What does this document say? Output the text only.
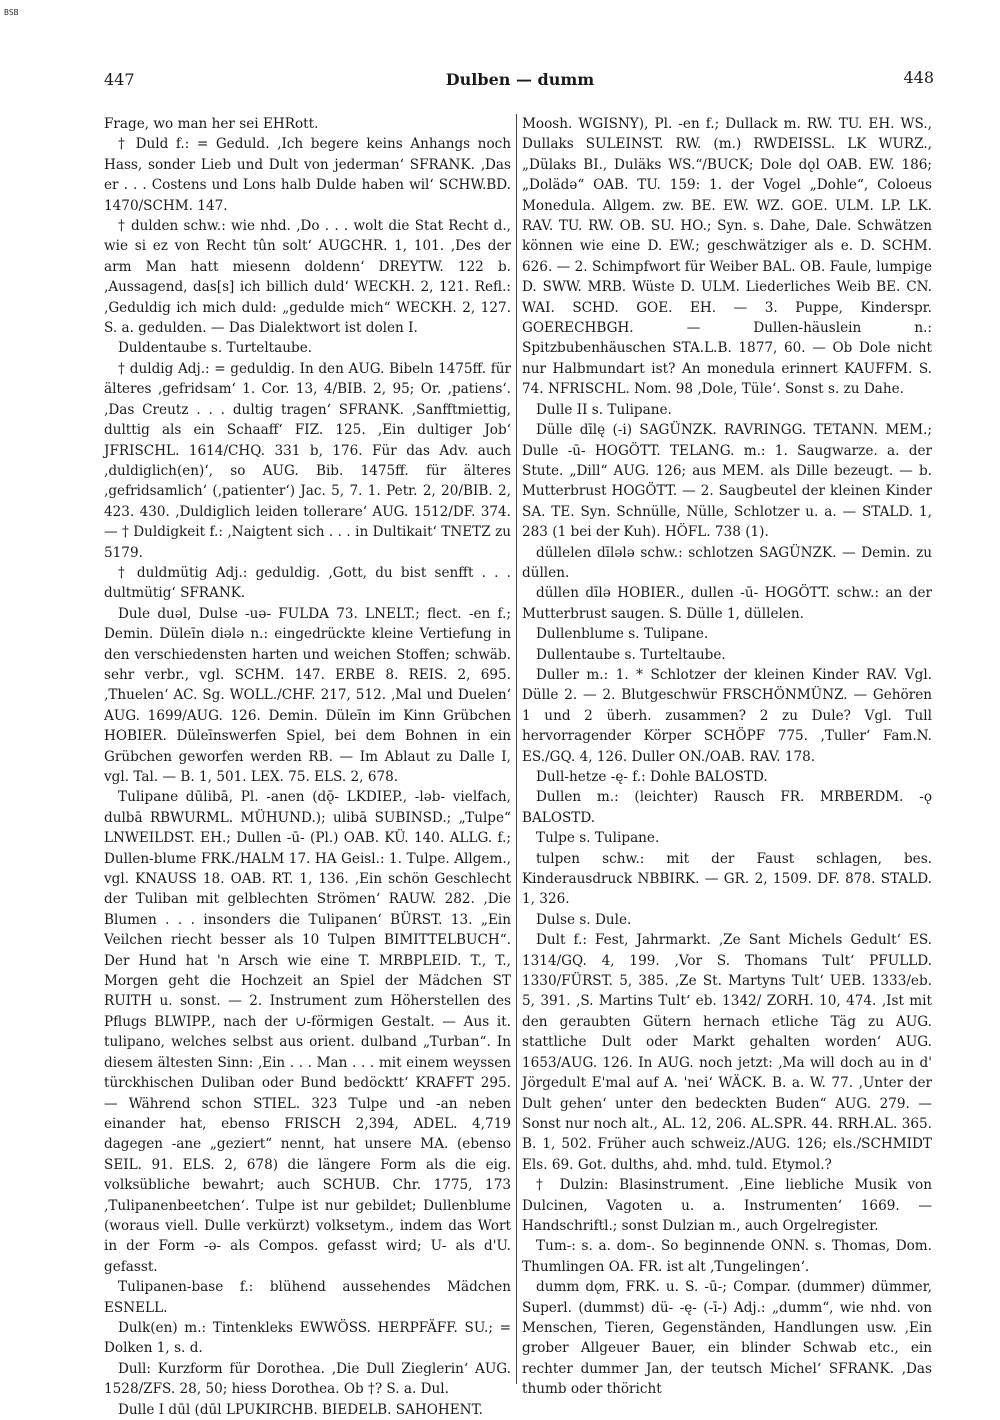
BSB
447	Dulben — dumm	448

Frage, wo man her sei EHRott.

† Duld f.: = Geduld. ‚Ich begere keins Anhangs noch Hass, sonder Lieb und Dult von jederman‘ SFRANK. ‚Das er . . . Costens und Lons halb Dulde haben wil‘ SCHW.BD. 1470/SCHM. 147.

† dulden schw.: wie nhd. ‚Do . . . wolt die Stat Recht d., wie si ez von Recht tûn solt‘ AUGCHR. 1, 101. ‚Des der arm Man hatt miesenn doldenn‘ DREYTW. 122 b. ‚Aussagend, das[s] ich billich duld‘ WECKH. 2, 121. Refl.: ‚Geduldig ich mich duld: „gedulde mich“ WECKH. 2, 127. S. a. gedulden. — Das Dialektwort ist dolen I.

Duldentaube s. Turteltaube.

† duldig Adj.: = geduldig. In den AUG. Bibeln 1475ff. für älteres ‚gefridsam‘ 1. Cor. 13, 4/BIB. 2, 95; Or. ‚patiens‘. ‚Das Creutz . . . dultig tragen‘ SFRANK. ‚Sanfftmiettig, dulttig als ein Schaaff‘ FIZ. 125. ‚Ein dultiger Job‘ JFRISCHL. 1614/CHQ. 331 b, 176. Für das Adv. auch ‚duldiglich(en)‘, so AUG. Bib. 1475ff. für älteres ‚gefridsamlich‘ (‚patienter‘) Jac. 5, 7. 1. Petr. 2, 20/BIB. 2, 423. 430. ‚Duldiglich leiden tollerare‘ AUG. 1512/DF. 374. — † Duldigkeit f.: ‚Naigtent sich . . . in Dultikait‘ TNETZ zu 5179.

† duldmütig Adj.: geduldig. ‚Gott, du bist senfft . . . dultmütig‘ SFRANK.

Dule duəl, Dulse -uə- FULDA 73. LNELT.; flect. -en f.; Demin. Düleīn diələ n.: eingedrückte kleine Vertiefung in den verschiedensten harten und weichen Stoffen; schwäb. sehr verbr., vgl. SCHM. 147. ERBE 8. REIS. 2, 695. ‚Thuelen‘ AC. Sg. WOLL./CHF. 217, 512. ‚Mal und Duelen‘ AUG. 1699/AUG. 126. Demin. Düleīn im Kinn Grübchen HOBIER. Düleīnswerfen Spiel, bei dem Bohnen in ein Grübchen geworfen werden RB. — Im Ablaut zu Dalle I, vgl. Tal. — B. 1, 501. LEX. 75. ELS. 2, 678.

Tulipane dūlibā, Pl. -anen (dǭ- LKDIEP., -ləb- vielfach, dulbā RBWURML. MÜHUND.); ulibā SUBINSD.; „Tulpe“ LNWEILDST. EH.; Dullen -ū- (Pl.) OAB. KÜ. 140. ALLG. f.; Dullen-blume FRK./HALM 17. HA Geisl.: 1. Tulpe. Allgem., vgl. KNAUSS 18. OAB. RT. 1, 136. ‚Ein schön Geschlecht der Tuliban mit gelblechten Strömen‘ RAUW. 282. ‚Die Blumen . . . insonders die Tulipanen‘ BÜRST. 13. „Ein Veilchen riecht besser als 10 Tulpen BIMITTELBUCH“. Der Hund hat 'n Arsch wie eine T. MRBPLEID. T., T., Morgen geht die Hochzeit an Spiel der Mädchen ST RUITH u. sonst. — 2. Instrument zum Höherstellen des Pflugs BLWIPP., nach der ∪-förmigen Gestalt. — Aus it. tulipano, welches selbst aus orient. dulband „Turban“. In diesem ältesten Sinn: ‚Ein . . . Man . . . mit einem weyssen türckhischen Duliban oder Bund bedöcktt‘ KRAFFT 295. — Während schon STIEL. 323 Tulpe und -an neben einander hat, ebenso FRISCH 2,394, ADEL. 4,719 dagegen -ane „geziert“ nennt, hat unsere MA. (ebenso SEIL. 91. ELS. 2, 678) die längere Form als die eig. volksübliche bewahrt; auch SCHUB. Chr. 1775, 173 ‚Tulipanenbeetchen‘. Tulpe ist nur gebildet; Dullenblume (woraus viell. Dulle verkürzt) volksetym., indem das Wort in der Form -ə- als Compos. gefasst wird; U- als d'U. gefasst.

Tulipanen-base f.: blühend aussehendes Mädchen ESNELL.

Dulk(en) m.: Tintenkleks EWWÖSS. HERPFÄFF. SU.; = Dolken 1, s. d.

Dull: Kurzform für Dorothea. ‚Die Dull Zieglerin‘ AUG. 1528/ZFS. 28, 50; hiess Dorothea. Ob †? S. a. Dul.

Dulle I dūl (dūl LPUKIRCHB. BIEDELB. SAHOHENT.

Moosh. WGISNY), Pl. -en f.; Dullack m. RW. TU. EH. WS., Dullaks SULEINST. RW. (m.) RWDEISSL. LK WURZ., „Dülaks BI., Duläks WS.“/BUCK; Dole dǫl OAB. EW. 186; „Dolädə“ OAB. TU. 159: 1. der Vogel „Dohle“, Coloeus Monedula. Allgem. zw. BE. EW. WZ. GOE. ULM. LP. LK. RAV. TU. RW. OB. SU. HO.; Syn. s. Dahe, Dale. Schwätzen können wie eine D. EW.; geschwätziger als e. D. SCHM. 626. — 2. Schimpfwort für Weiber BAL. OB. Faule, lumpige D. SWW. MRB. Wüste D. ULM. Liederliches Weib BE. CN. WAI. SCHD. GOE. EH. — 3. Puppe, Kinderspr. GOERECHBGH. — Dullen-häuslein n.: Spitzbubenhäuschen STA.L.B. 1877, 60. — Ob Dole nicht nur Halbmundart ist? An monedula erinnert KAUFFM. S. 74. NFRISCHL. Nom. 98 ‚Dole, Tüle‘. Sonst s. zu Dahe.

Dulle II s. Tulipane.

Dülle dīlę (-i) SAGÜNZK. RAVRINGG. TETANN. MEM.; Dulle -ū- HOGÖTT. TELANG. m.: 1. Saugwarze. a. der Stute. „Dill“ AUG. 126; aus MEM. als Dille bezeugt. — b. Mutterbrust HOGÖTT. — 2. Saugbeutel der kleinen Kinder SA. TE. Syn. Schnülle, Nülle, Schlotzer u. a. — STALD. 1, 283 (1 bei der Kuh). HÖFL. 738 (1).

düllelen dīlələ schw.: schlotzen SAGÜNZK. — Demin. zu düllen.

düllen dīlə HOBIER., dullen -ū- HOGÖTT. schw.: an der Mutterbrust saugen. S. Dülle 1, düllelen.

Dullenblume s. Tulipane.

Dullentaube s. Turteltaube.

Duller m.: 1. * Schlotzer der kleinen Kinder RAV. Vgl. Dülle 2. — 2. Blutgeschwür FRSCHÖNMÜNZ. — Gehören 1 und 2 überh. zusammen? 2 zu Dule? Vgl. Tull hervorragender Körper SCHÖPF 775. ‚Tuller‘ Fam.N. ES./GQ. 4, 126. Duller ON./OAB. RAV. 178.

Dull-hetze -ę- f.: Dohle BALOSTD.

Dullen m.: (leichter) Rausch FR. MRBERDM. -ǫ BALOSTD.

Tulpe s. Tulipane.

tulpen schw.: mit der Faust schlagen, bes. Kinderausdruck NBBIRK. — GR. 2, 1509. DF. 878. STALD. 1, 326.

Dulse s. Dule.

Dult f.: Fest, Jahrmarkt. ‚Ze Sant Michels Gedult‘ ES. 1314/GQ. 4, 199. ‚Vor S. Thomans Tult‘ PFULLD. 1330/FÜRST. 5, 385. ‚Ze St. Martyns Tult‘ UEB. 1333/eb. 5, 391. ‚S. Martins Tult‘ eb. 1342/ ZORH. 10, 474. ‚Ist mit den geraubten Gütern hernach etliche Täg zu AUG. stattliche Dult oder Markt gehalten worden‘ AUG. 1653/AUG. 126. In AUG. noch jetzt: ‚Ma will doch au in d' Jörgedult E'mal auf A. 'nei‘ WÄCK. B. a. W. 77. ‚Unter der Dult gehen‘ unter den bedeckten Buden“ AUG. 279. — Sonst nur noch alt., AL. 12, 206. AL.SPR. 44. RRH.AL. 365. B. 1, 502. Früher auch schweiz./AUG. 126; els./SCHMIDT Els. 69. Got. dulths, ahd. mhd. tuld. Etymol.?

† Dulzin: Blasinstrument. ‚Eine liebliche Musik von Dulcinen, Vagoten u. a. Instrumenten‘ 1669. — Handschriftl.; sonst Dulzian m., auch Orgelregister.

Tum-: s. a. dom-. So beginnende ONN. s. Thomas, Dom. Thumlingen OA. FR. ist alt ‚Tungelingen‘.

dumm dǫm, FRK. u. S. -ū-; Compar. (dummer) dümmer, Superl. (dummst) dü- -ę- (-ī-) Adj.: „dumm“, wie nhd. von Menschen, Tieren, Gegenständen, Handlungen usw. ‚Ein grober Allgeuer Bauer, ein blinder Schwab etc., ein rechter dummer Jan, der teutsch Michel‘ SFRANK. ‚Das thumb oder thöricht
